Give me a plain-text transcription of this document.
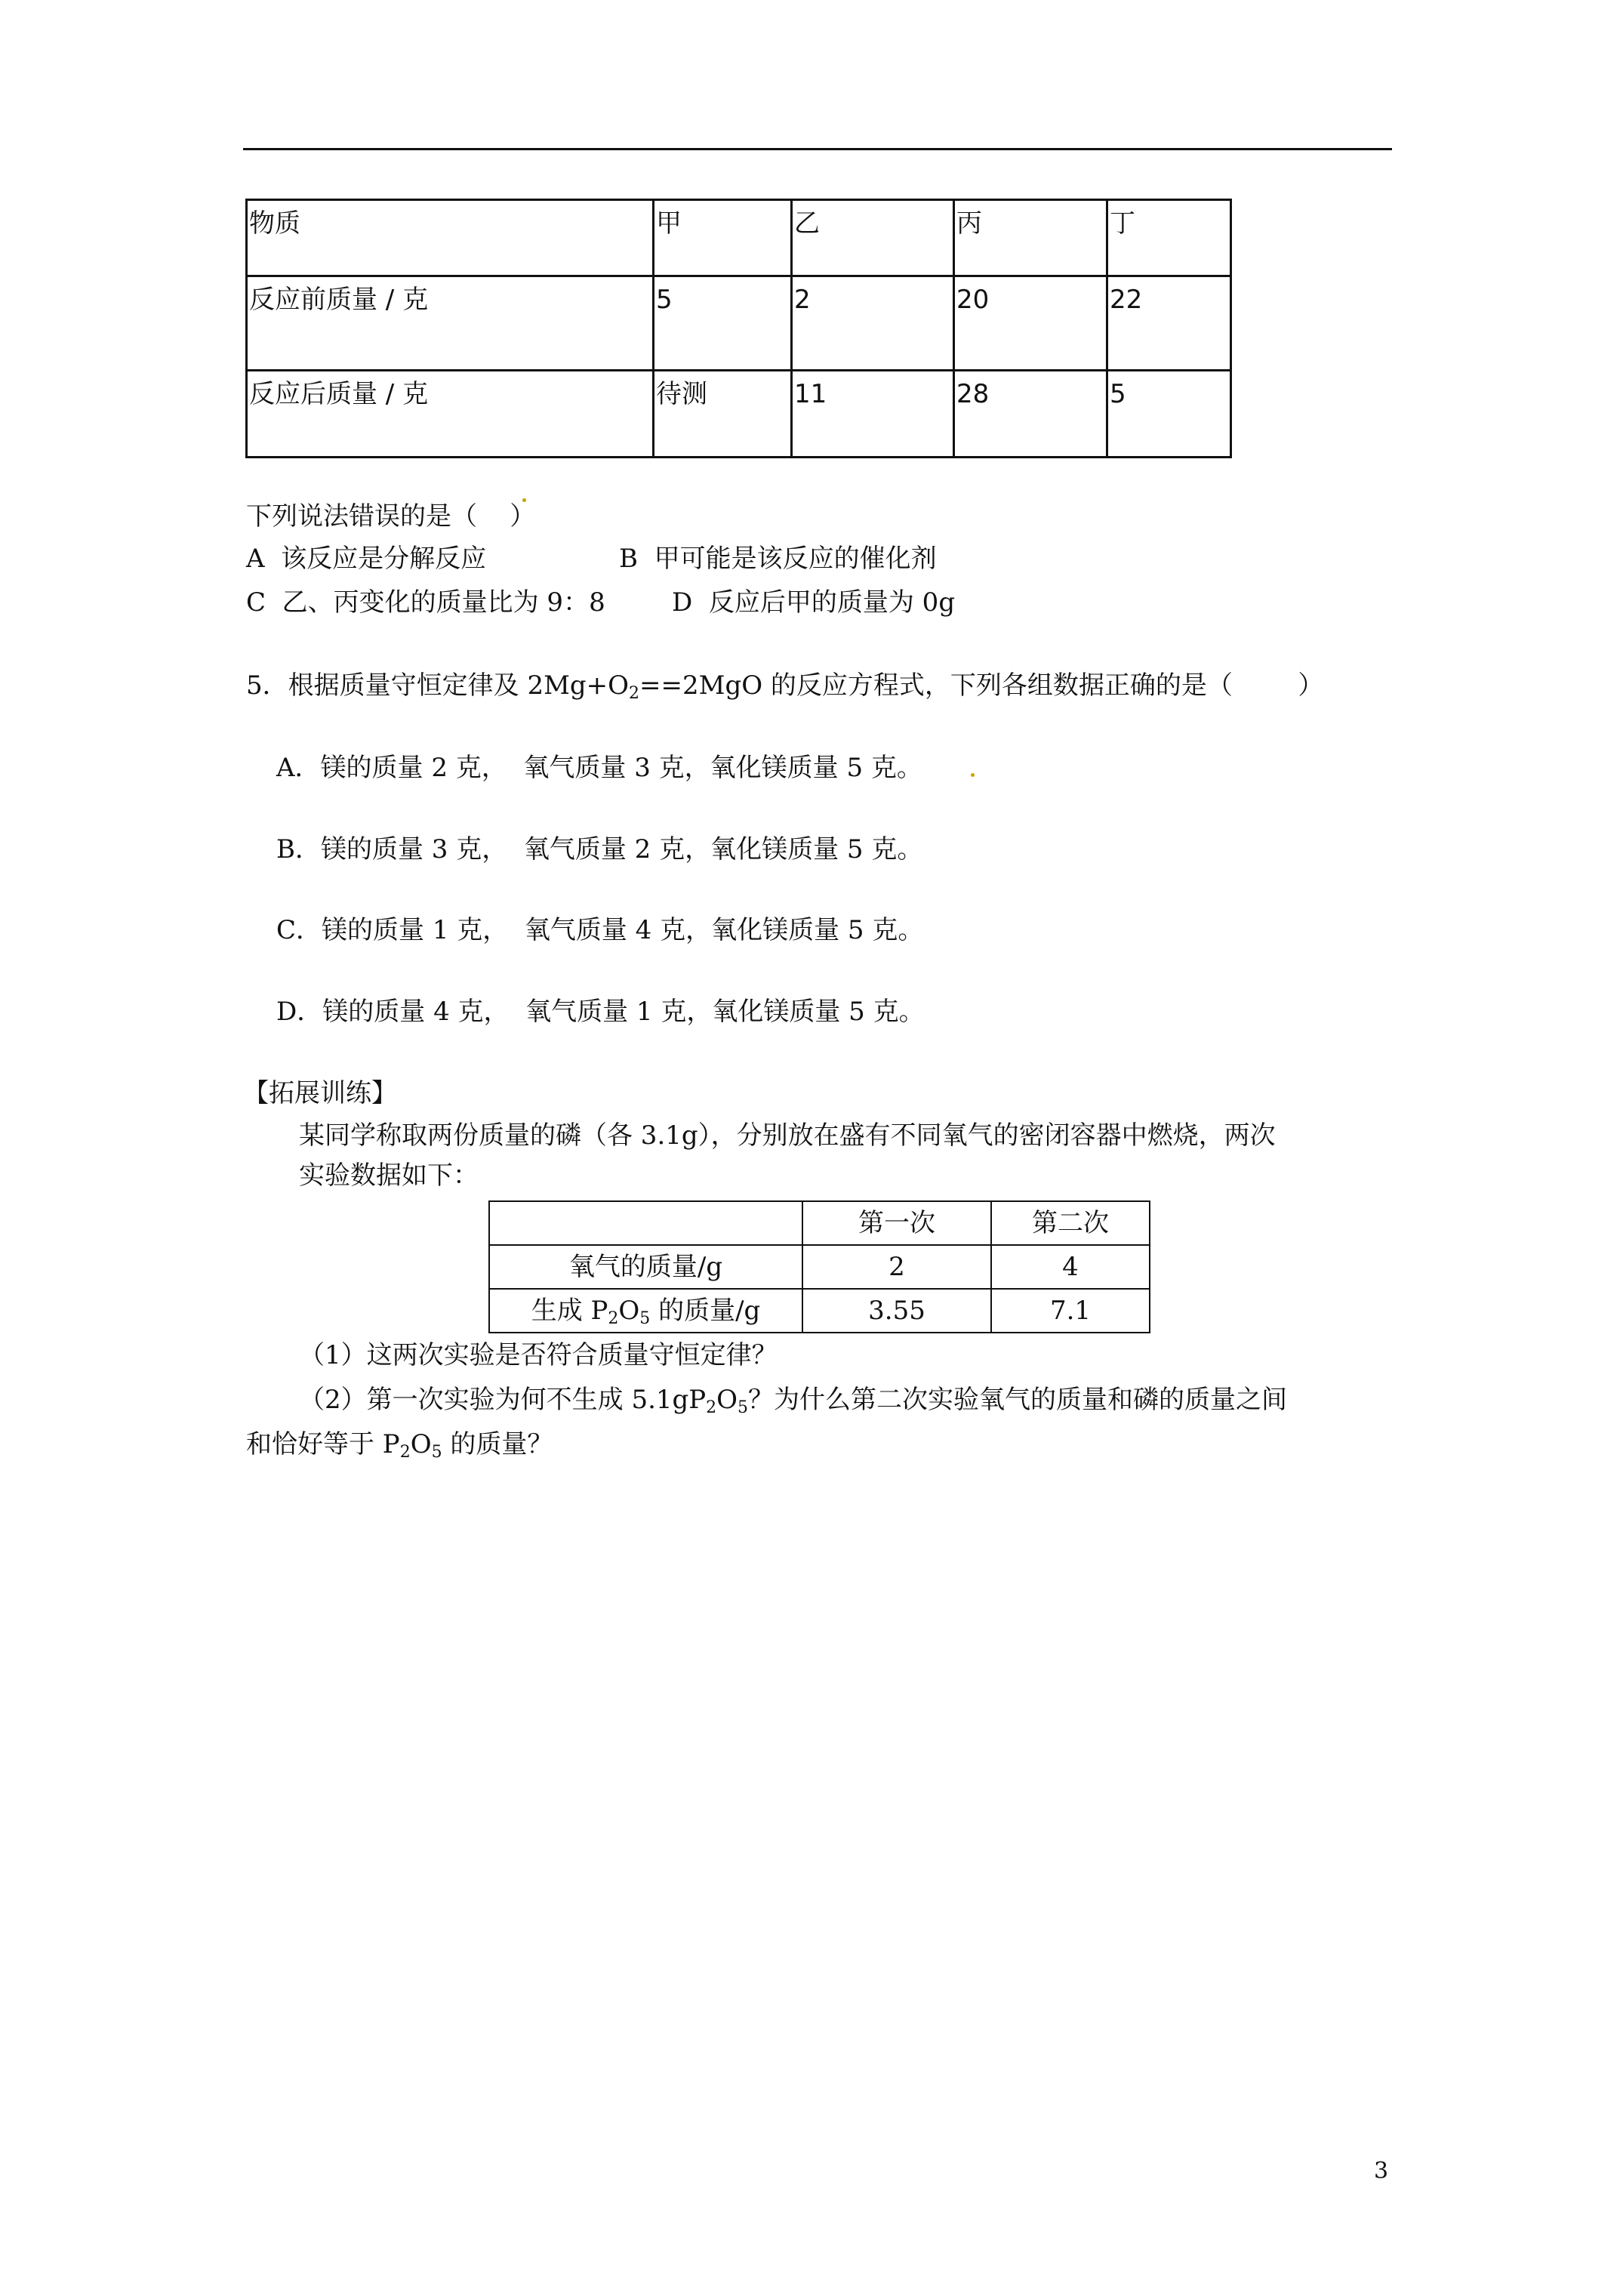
物质	甲	乙	丙	丁
反应前质量 / 克	5	2	20	22
反应后质量 / 克	待测	11	28	5
下列说法错误的是（    ）
A  该反应是分解反应	B  甲可能是该反应的催化剂
C  乙、丙变化的质量比为 9：8	D  反应后甲的质量为 0g
5．根据质量守恒定律及 $2Mg+O_2==2MgO$ 的反应方程式，下列各组数据正确的是（        ）
A．镁的质量 2 克，  氧气质量 3 克，氧化镁质量 5 克。
B．镁的质量 3 克，  氧气质量 2 克，氧化镁质量 5 克。
C．镁的质量 1 克，  氧气质量 4 克，氧化镁质量 5 克。
D．镁的质量 4 克，  氧气质量 1 克，氧化镁质量 5 克。
【拓展训练】
某同学称取两份质量的磷（各 3.1g），分别放在盛有不同氧气的密闭容器中燃烧，两次
实验数据如下：
	第一次	第二次
氧气的质量/g	2	4
生成 $P_2O_5$ 的质量/g	3.55	7.1
（1）这两次实验是否符合质量守恒定律？
（2）第一次实验为何不生成 $5.1gP_2O_5$？为什么第二次实验氧气的质量和磷的质量之间
和恰好等于 $P_2O_5$ 的质量？
3
